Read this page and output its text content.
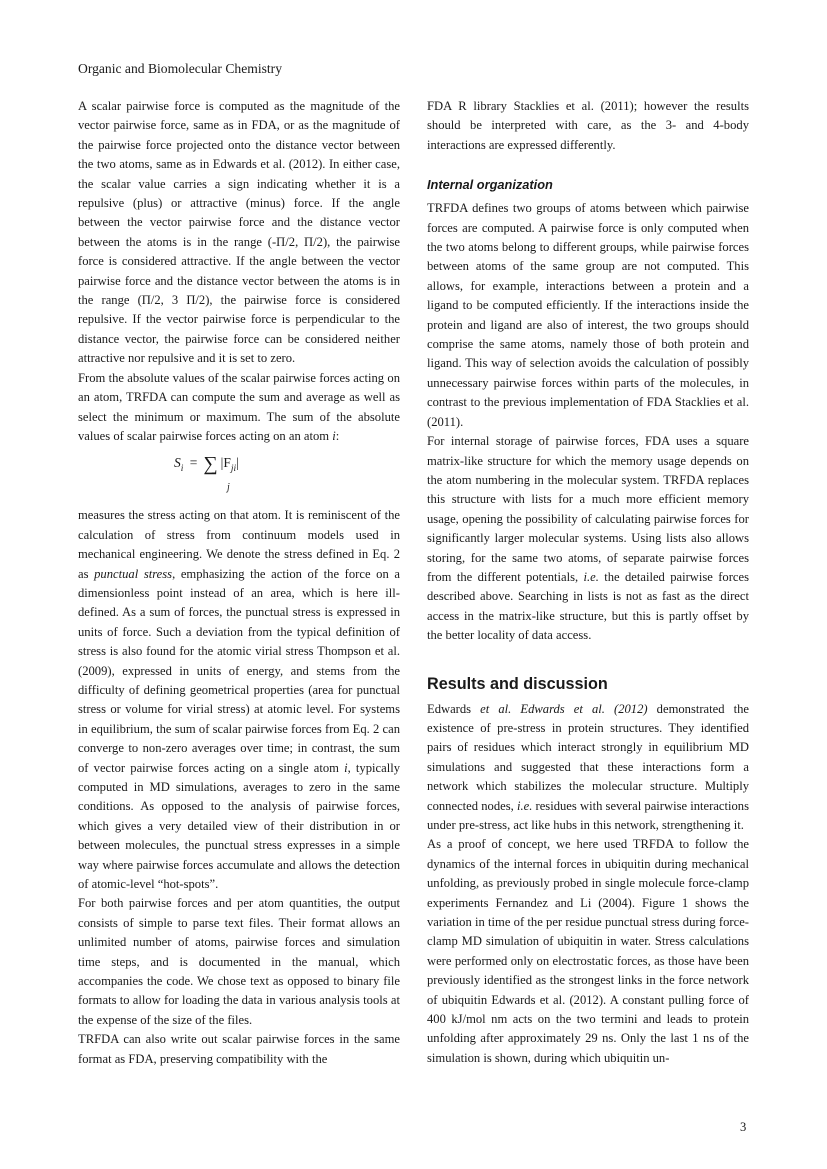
Organic and Biomolecular Chemistry

A scalar pairwise force is computed as the magnitude of the vector pairwise force, same as in FDA, or as the magnitude of the pairwise force projected onto the distance vector between the two atoms, same as in Edwards et al. (2012). In either case, the scalar value carries a sign indicating whether it is a repulsive (plus) or attractive (minus) force. If the angle between the vector pairwise force and the distance vector between the atoms is in the range (-Π/2, Π/2), the pairwise force is considered attractive. If the angle between the vector pairwise force and the distance vector between the atoms is in the range (Π/2, 3 Π/2), the pairwise force is considered repulsive. If the vector pairwise force is perpendicular to the distance vector, the pairwise force can be considered neither attractive nor repulsive and it is set to zero.

From the absolute values of the scalar pairwise forces acting on an atom, TRFDA can compute the sum and average as well as select the minimum or maximum. The sum of the absolute values of scalar pairwise forces acting on an atom i:

$S_i$ = ∑ $|F_{ji}|$
j

measures the stress acting on that atom. It is reminiscent of the calculation of stress from continuum models used in mechanical engineering. We denote the stress defined in Eq. 2 as punctual stress, emphasizing the action of the force on a dimensionless point instead of an area, which is here ill-defined. As a sum of forces, the punctual stress is expressed in units of force. Such a deviation from the typical definition of stress is also found for the atomic virial stress Thompson et al. (2009), expressed in units of energy, and stems from the difficulty of defining geometrical properties (area for punctual stress or volume for virial stress) at atomic level. For systems in equilibrium, the sum of scalar pairwise forces from Eq. 2 can converge to non-zero averages over time; in contrast, the sum of vector pairwise forces acting on a single atom i, typically computed in MD simulations, averages to zero in the same conditions. As opposed to the analysis of pairwise forces, which gives a very detailed view of their distribution in or between molecules, the punctual stress expresses in a simple way where pairwise forces accumulate and allows the detection of atomic-level “hot-spots”.

For both pairwise forces and per atom quantities, the output consists of simple to parse text files. Their format allows an unlimited number of atoms, pairwise forces and simulation time steps, and is documented in the manual, which accompanies the code. We chose text as opposed to binary file formats to allow for loading the data in various analysis tools at the expense of the size of the files.

TRFDA can also write out scalar pairwise forces in the same format as FDA, preserving compatibility with the

FDA R library Stacklies et al. (2011); however the results should be interpreted with care, as the 3- and 4-body interactions are expressed differently.

Internal organization

TRFDA defines two groups of atoms between which pairwise forces are computed. A pairwise force is only computed when the two atoms belong to different groups, while pairwise forces between atoms of the same group are not computed. This allows, for example, interactions between a protein and a ligand to be computed efficiently. If the interactions inside the protein and ligand are also of interest, the two groups should comprise the same atoms, namely those of both protein and ligand. This way of selection avoids the calculation of possibly unnecessary pairwise forces within parts of the molecules, in contrast to the previous implementation of FDA Stacklies et al. (2011).

For internal storage of pairwise forces, FDA uses a square matrix-like structure for which the memory usage depends on the atom numbering in the molecular system. TRFDA replaces this structure with lists for a much more efficient memory usage, opening the possibility of calculating pairwise forces for significantly larger molecular systems. Using lists also allows storing, for the same two atoms, of separate pairwise forces from the different potentials, i.e. the detailed pairwise forces described above. Searching in lists is not as fast as the direct access in the matrix-like structure, but this is partly offset by the better locality of data access.

Results and discussion

Edwards et al. Edwards et al. (2012) demonstrated the existence of pre-stress in protein structures. They identified pairs of residues which interact strongly in equilibrium MD simulations and suggested that these interactions form a network which stabilizes the molecular structure. Multiply connected nodes, i.e. residues with several pairwise interactions under pre-stress, act like hubs in this network, strengthening it.

As a proof of concept, we here used TRFDA to follow the dynamics of the internal forces in ubiquitin during mechanical unfolding, as previously probed in single molecule force-clamp experiments Fernandez and Li (2004). Figure 1 shows the variation in time of the per residue punctual stress during force-clamp MD simulation of ubiquitin in water. Stress calculations were performed only on electrostatic forces, as those have been previously identified as the strongest links in the force network of ubiquitin Edwards et al. (2012). A constant pulling force of 400 kJ/mol nm acts on the two termini and leads to protein unfolding after approximately 29 ns. Only the last 1 ns of the simulation is shown, during which ubiquitin un-

3
